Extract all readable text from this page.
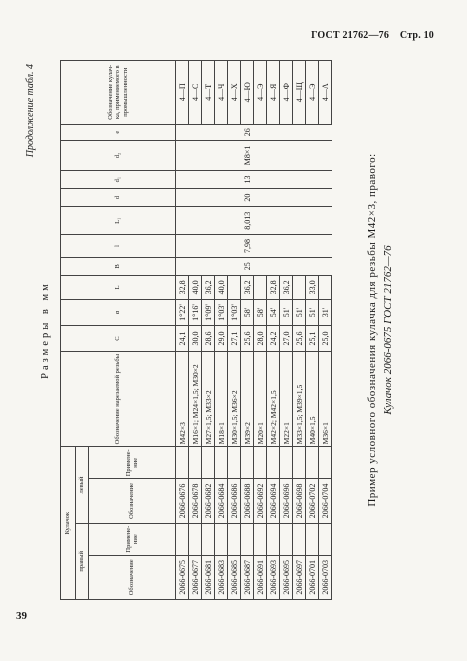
ГОСТ 21762—76 Стр. 10
39
Продолжение табл. 4
Размеры в мм
Кулачок				Обозначение нарезаемой резьбы	C	α	L	B	l	L₁	d	d₁	d₂	e	Обозначение кулач-ка, применяемого в промышленности
правый		левый													
Обозначение	Примене-ние	Обозначение	Примене-ние												
2066-0675		2066-0676		М42×3	24,1	1°22'	32,8								4—П
2066-0677		2066-0678		М16×1; М24×1,5; М30×2	30,0	1°16'	40,0								4—С
2066-0681		2066-0682		М27×1,5; М33×2	28,6	1°09'	36,2								4—Т
2066-0683		2066-0684		М18×1	29,0	1°03'	40,0								4—Ч
2066-0685		2066-0686		М30×1,5; М36×2	27,1	1°03'									4—Х
2066-0687		2066-0688		М39×2	25,6	58'	36,2	25	7,98	8,013	20	13	М8×1	26	4—Ю
2066-0691		2066-0692		М20×1	28,0	58'									4—Э
2066-0693		2066-0694		М42×2; М42×1,5	24,2	54'	32,8								4—Я
2066-0695		2066-0696		М22×1	27,0	51'	36,2								4—Ф
2066-0697		2066-0698		М33×1,5; М39×1,5	25,6	51'									4—Щ
2066-0701		2066-0702		М40×1,5	25,1	51'	33,0								4—Э
2066-0703		2066-0704		М36×1	25,0	31'									4—Λ
Пример условного обозначения кулачка для резьбы М42×3, правого: Кулачок 2066-0675 ГОСТ 21762—76
